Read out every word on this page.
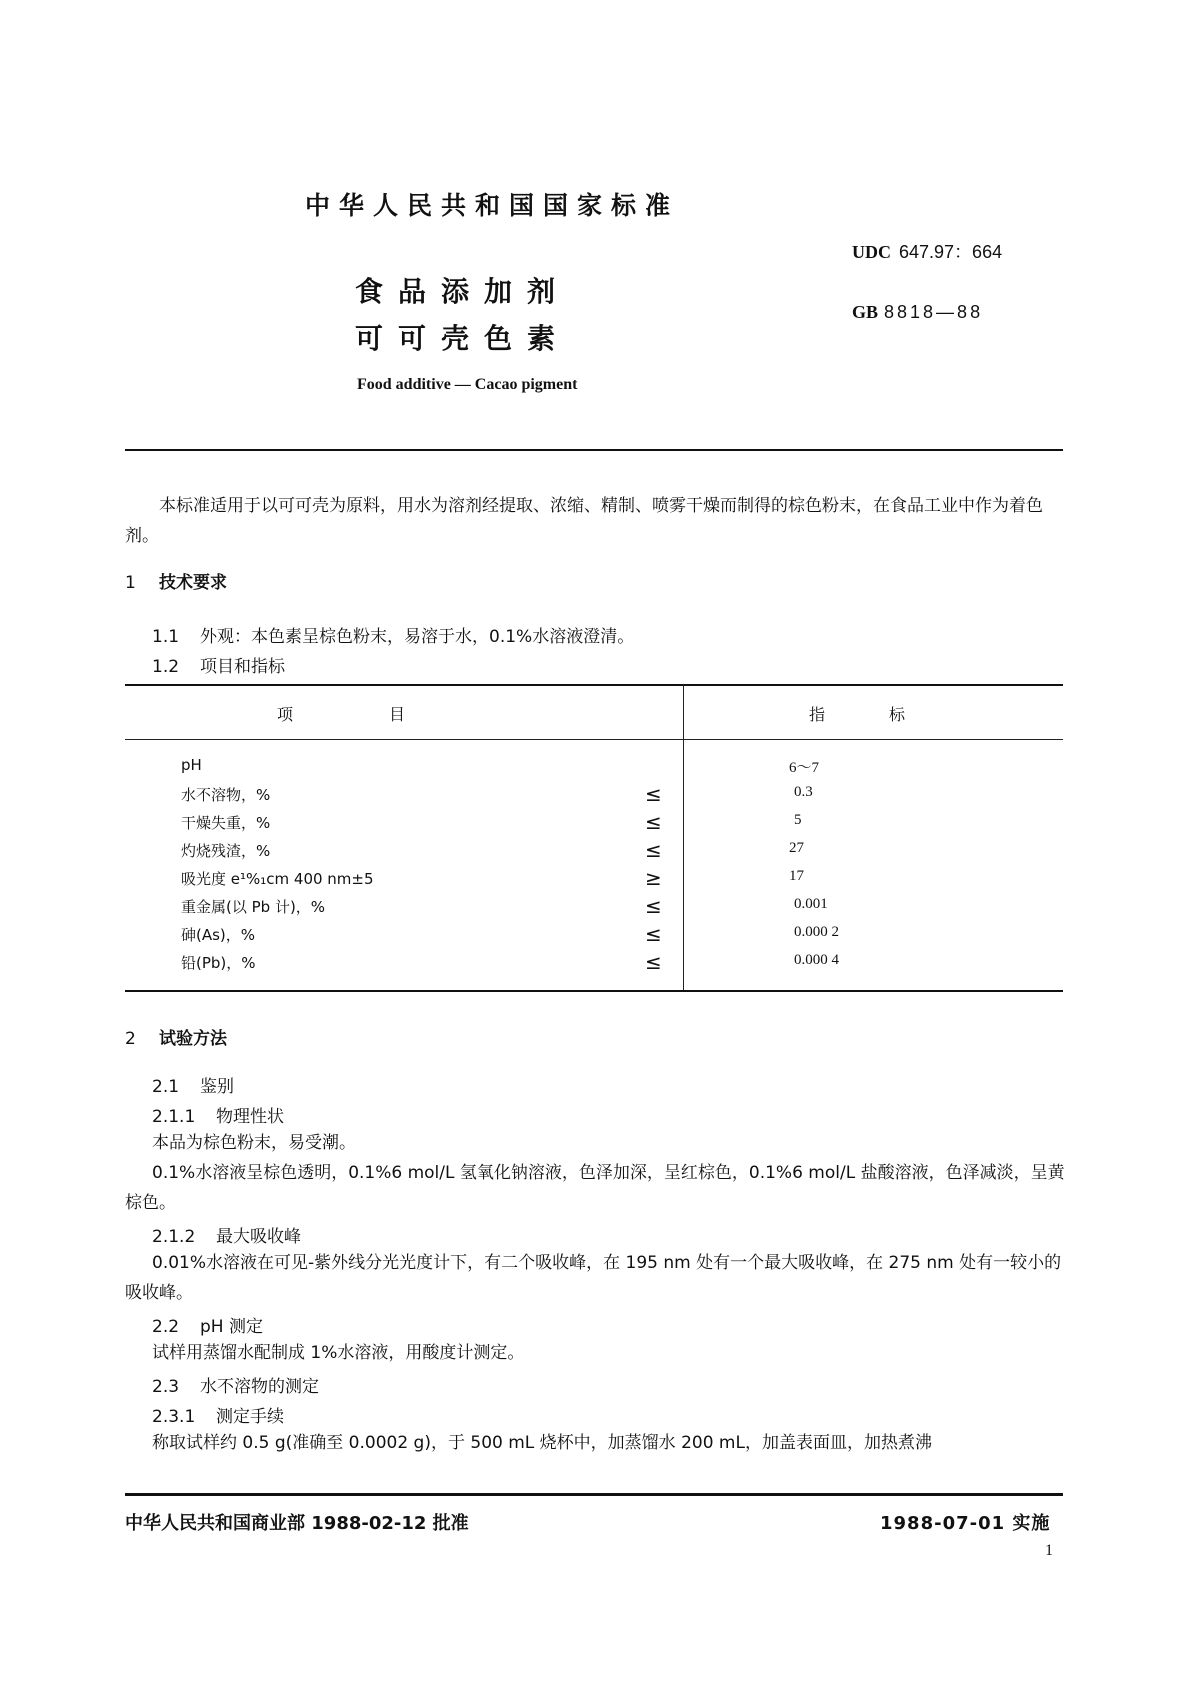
中华人民共和国国家标准
UDC 647.97：664
GB 8818—88
食品添加剂
可可壳色素
Food additive — Cacao pigment
本标准适用于以可可壳为原料，用水为溶剂经提取、浓缩、精制、喷雾干燥而制得的棕色粉末，在食品工业中作为着色剂。
1 技术要求
1.1 外观：本色素呈棕色粉末，易溶于水，0.1%水溶液澄清。
1.2 项目和指标
项　　　　　　目	指　　　　标
pH	6～7
水不溶物，%	≤	0.3
干燥失重，%	≤	5
灼烧残渣，%	≤	27
吸光度 e¹%₁cm 400 nm±5	≥	17
重金属(以 Pb 计)，%	≤	0.001
砷(As)，%	≤	0.000 2
铅(Pb)，%	≤	0.000 4
2 试验方法
2.1 鉴别
2.1.1 物理性状
本品为棕色粉末，易受潮。
0.1%水溶液呈棕色透明，0.1%6 mol/L 氢氧化钠溶液，色泽加深，呈红棕色，0.1%6 mol/L 盐酸溶液，色泽减淡，呈黄棕色。
2.1.2 最大吸收峰
0.01%水溶液在可见-紫外线分光光度计下，有二个吸收峰，在 195 nm 处有一个最大吸收峰，在 275 nm 处有一较小的吸收峰。
2.2 pH 测定
试样用蒸馏水配制成 1%水溶液，用酸度计测定。
2.3 水不溶物的测定
2.3.1 测定手续
称取试样约 0.5 g(准确至 0.0002 g)，于 500 mL 烧杯中，加蒸馏水 200 mL，加盖表面皿，加热煮沸
中华人民共和国商业部 1988-02-12 批准	1988-07-01 实施
1
